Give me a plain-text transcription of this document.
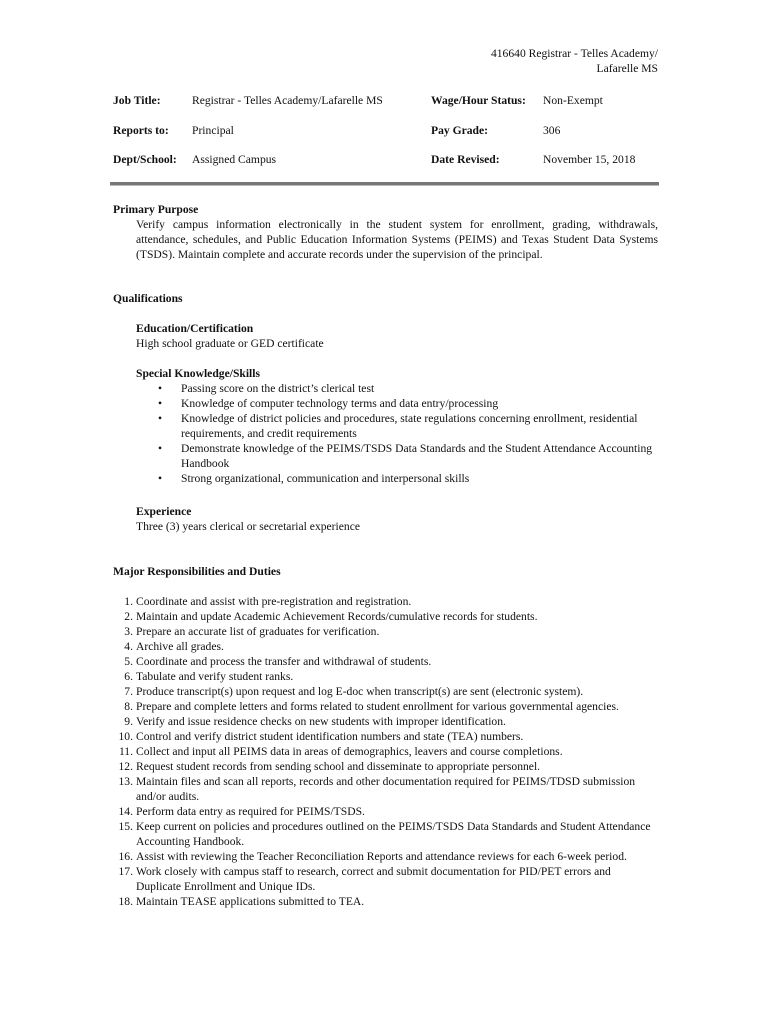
416640 Registrar - Telles Academy/
Lafarelle MS
Job Title:	Registrar - Telles Academy/Lafarelle MS	Wage/Hour Status: Non-Exempt
Reports to: Principal	Pay Grade:	306
Dept/School: Assigned Campus	Date Revised:	November 15, 2018
Primary Purpose
Verify campus information electronically in the student system for enrollment, grading, withdrawals, attendance, schedules, and Public Education Information Systems (PEIMS) and Texas Student Data Systems (TSDS). Maintain complete and accurate records under the supervision of the principal.
Qualifications
Education/Certification
High school graduate or GED certificate
Special Knowledge/Skills
• Passing score on the district’s clerical test
• Knowledge of computer technology terms and data entry/processing
• Knowledge of district policies and procedures, state regulations concerning enrollment, residential requirements, and credit requirements
• Demonstrate knowledge of the PEIMS/TSDS Data Standards and the Student Attendance Accounting Handbook
• Strong organizational, communication and interpersonal skills
Experience
Three (3) years clerical or secretarial experience
Major Responsibilities and Duties
1. Coordinate and assist with pre-registration and registration.
2. Maintain and update Academic Achievement Records/cumulative records for students.
3. Prepare an accurate list of graduates for verification.
4. Archive all grades.
5. Coordinate and process the transfer and withdrawal of students.
6. Tabulate and verify student ranks.
7. Produce transcript(s) upon request and log E-doc when transcript(s) are sent (electronic system).
8. Prepare and complete letters and forms related to student enrollment for various governmental agencies.
9. Verify and issue residence checks on new students with improper identification.
10. Control and verify district student identification numbers and state (TEA) numbers.
11. Collect and input all PEIMS data in areas of demographics, leavers and course completions.
12. Request student records from sending school and disseminate to appropriate personnel.
13. Maintain files and scan all reports, records and other documentation required for PEIMS/TDSD submission and/or audits.
14. Perform data entry as required for PEIMS/TSDS.
15. Keep current on policies and procedures outlined on the PEIMS/TSDS Data Standards and Student Attendance Accounting Handbook.
16. Assist with reviewing the Teacher Reconciliation Reports and attendance reviews for each 6-week period.
17. Work closely with campus staff to research, correct and submit documentation for PID/PET errors and Duplicate Enrollment and Unique IDs.
18. Maintain TEASE applications submitted to TEA.
